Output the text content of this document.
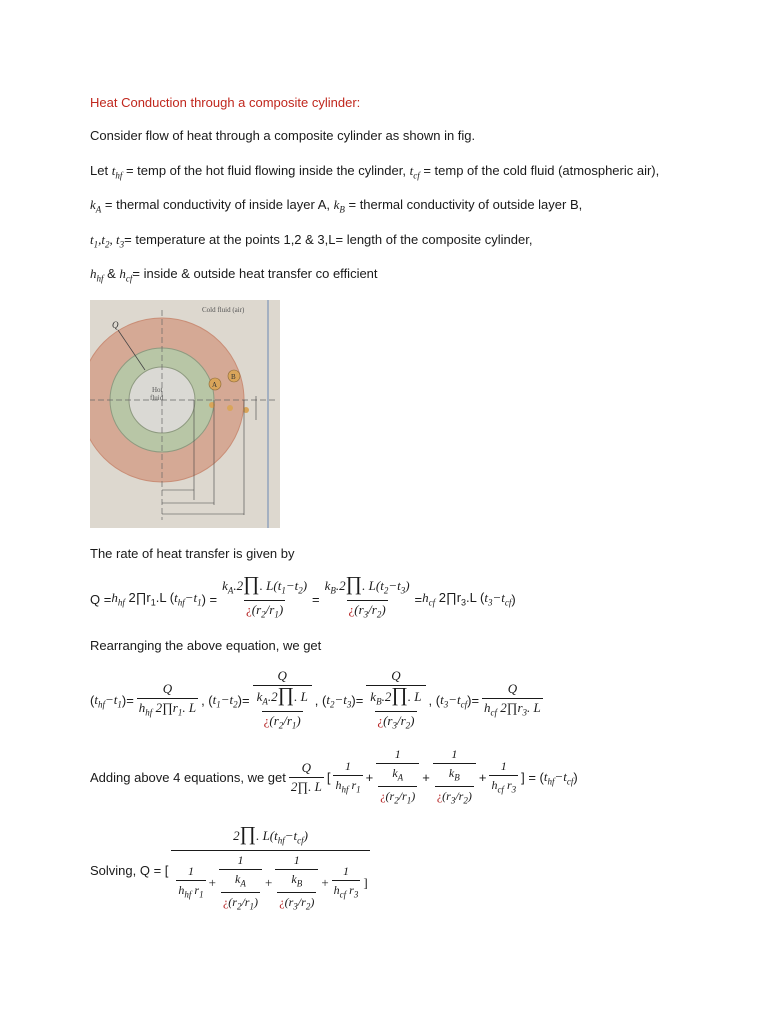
Heat Conduction through a composite cylinder:
Consider flow of heat through a composite cylinder as shown in fig.
Let $t_{hf}$ = temp of the hot fluid flowing inside the cylinder, $t_{cf}$ = temp of the cold fluid (atmospheric air),
$k_A$ = thermal conductivity of inside layer A, $k_B$ = thermal conductivity of outside layer B,
$t_1,t_2$, $t_3=$ temperature at the points 1,2 & 3,L= length of the composite cylinder,
$h_{hf}$ & $h_{cf}=$ inside & outside heat transfer co efficient
Q
Cold fluid (air)
Hot
fluid
A
B
The rate of heat transfer is given by
$Q = h_{hf}$
$2\prod r_1.L$ ( $t_{hf}-t_1$ ) = $\frac{k_A.2\prod. L(t_1-t_2)}{¿(r_2/r_1)} = \frac{k_B.2\prod. L(t_2-t_3)}{¿(r_3/r_2)} = h_{cf}$
$2\prod r_3.L$ ( $t_3-t_{cf}$ )
Rearranging the above equation, we get
( $t_{hf}-t_1$ )= $\frac{Q}{h_{hf} 2\prod r_1. L}$ , ( $t_1-t_2$ )= $\frac{Q}{\frac{k_A.2\prod. L}{¿(r_2/r_1)}}$ , ( $t_2-t_3$ )= $\frac{Q}{\frac{k_B.2\prod. L}{¿(r_3/r_2)}}$ , ( $t_3-t_{cf}$ )= $\frac{Q}{h_{cf} 2\prod r_3. L}$
Adding above 4 equations, we get $\frac{Q}{2\prod. L}$ [ $\frac{1}{h_{hf} r_1} + \frac{1}{\frac{k_A}{¿(r_2/r_1)}} + \frac{1}{\frac{k_B}{¿(r_3/r_2)}} + \frac{1}{h_{cf} r_3}$ ] = ( $t_{hf}-t_{cf}$ )
Solving, Q = [
2∏. $L(t_{hf}-t_{cf})$
$\frac{1}{h_{hf} r_1} + \frac{1}{\frac{k_A}{¿(r_2/r_1)}} + \frac{1}{\frac{k_B}{¿(r_3/r_2)}} + \frac{1}{h_{cf} r_3}$ ]
